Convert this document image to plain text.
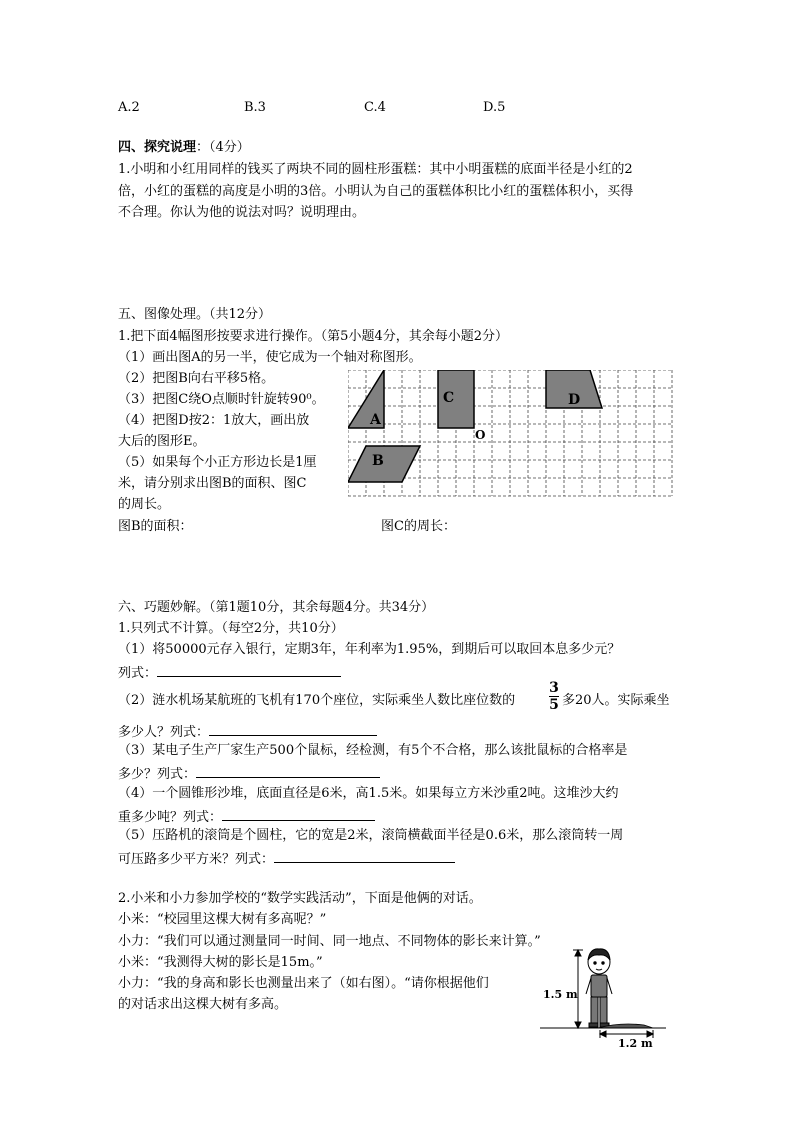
A.2	B.3	C.4	D.5
四、探究说理：（4分）
1.小明和小红用同样的钱买了两块不同的圆柱形蛋糕：其中小明蛋糕的底面半径是小红的2
倍，小红的蛋糕的高度是小明的3倍。小明认为自己的蛋糕体积比小红的蛋糕体积小，买得
不合理。你认为他的说法对吗？说明理由。
五、图像处理。（共12分）
1.把下面4幅图形按要求进行操作。（第5小题4分，其余每小题2分）
（1）画出图A的另一半，使它成为一个轴对称图形。
（2）把图B向右平移5格。
（3）把图C绕O点顺时针旋转90⁰。
（4）把图D按2：1放大，画出放
大后的图形E。
（5）如果每个小正方形边长是1厘
米，请分别求出图B的面积、图C
的周长。
图B的面积：	图C的周长：
A
C	D
B
O
六、巧题妙解。（第1题10分，其余每题4分。共34分）
1.只列式不计算。（每空2分，共10分）
（1）将50000元存入银行，定期3年，年利率为1.95%，到期后可以取回本息多少元？
列式：
（2）涟水机场某航班的飞机有170个座位，实际乘坐人数比座位数的
3
5 多20人。实际乘坐
多少人？列式：
（3）某电子生产厂家生产500个鼠标，经检测，有5个不合格，那么该批鼠标的合格率是
多少？列式：
（4）一个圆锥形沙堆，底面直径是6米，高1.5米。如果每立方米沙重2吨。这堆沙大约
重多少吨？列式：
（5）压路机的滚筒是个圆柱，它的宽是2米，滚筒横截面半径是0.6米，那么滚筒转一周
可压路多少平方米？列式：
2.小米和小力参加学校的“数学实践活动”，下面是他俩的对话。
小米：“校园里这棵大树有多高呢？”
小力：“我们可以通过测量同一时间、同一地点、不同物体的影长来计算。”
小米：“我测得大树的影长是15m。”
小力：“我的身高和影长也测量出来了（如右图）。“请你根据他们
的对话求出这棵大树有多高。
1.5 m
1.2 m
